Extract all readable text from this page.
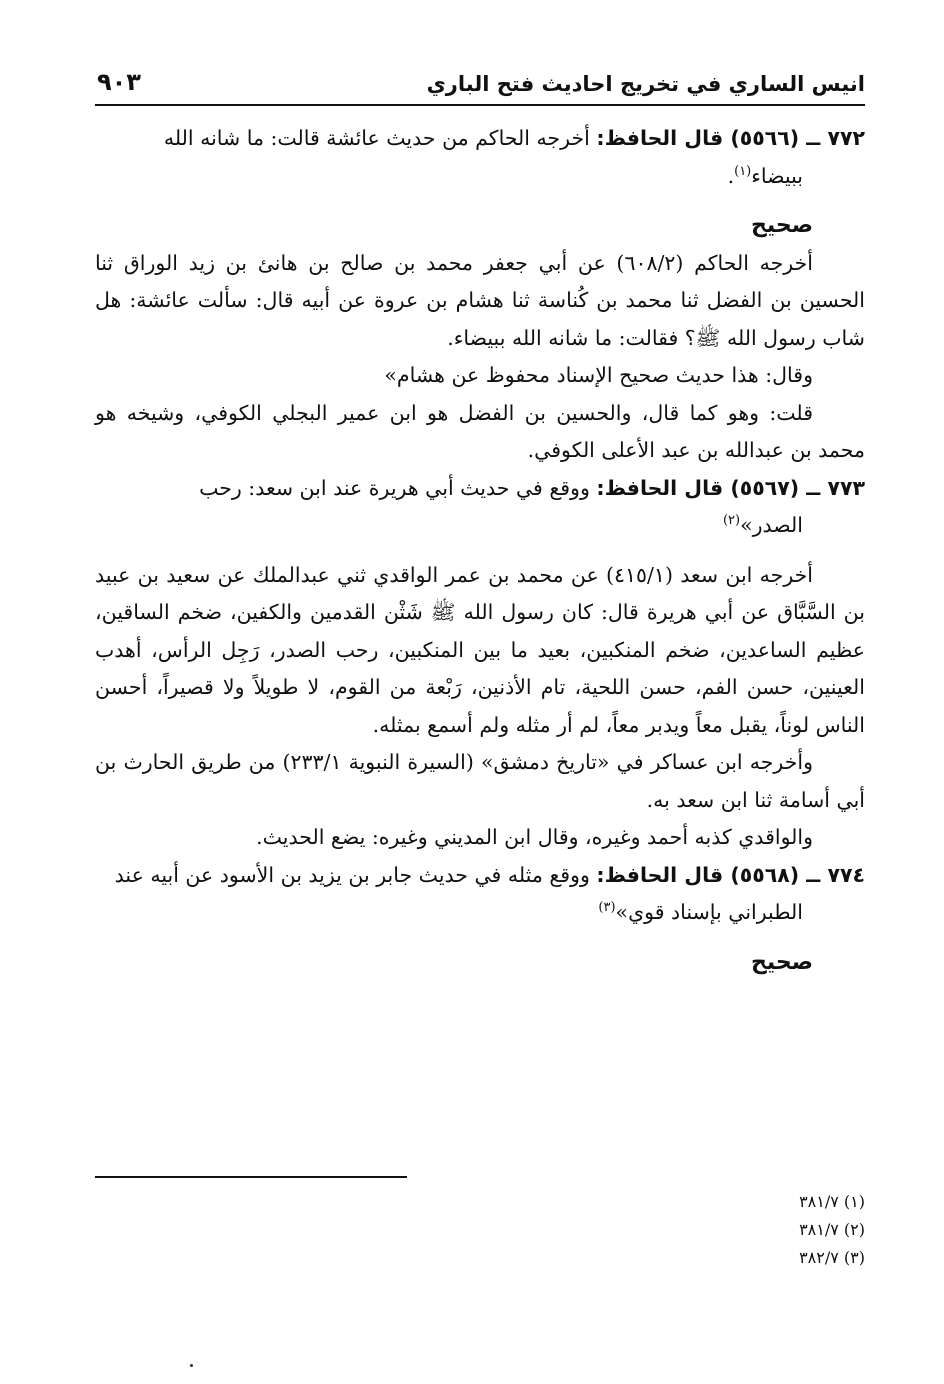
انيس الساري في تخريج احاديث فتح الباري
٩٠٣

٧٧٢ ــ (٥٥٦٦) قال الحافظ: أخرجه الحاكم من حديث عائشة قالت: ما شانه الله
ببيضاء$^{(١)}$.

صحيح

أخرجه الحاكم (٦٠٨/٢) عن أبي جعفر محمد بن صالح بن هانئ بن زيد الوراق ثنا الحسين بن الفضل ثنا محمد بن كُناسة ثنا هشام بن عروة عن أبيه قال: سألت عائشة: هل شاب رسول الله ﷺ؟ فقالت: ما شانه الله ببيضاء.

وقال: هذا حديث صحيح الإسناد محفوظ عن هشام»

قلت: وهو كما قال، والحسين بن الفضل هو ابن عمير البجلي الكوفي، وشيخه هو محمد بن عبدالله بن عبد الأعلى الكوفي.

٧٧٣ ــ (٥٥٦٧) قال الحافظ: ووقع في حديث أبي هريرة عند ابن سعد: رحب
الصدر»$^{(٢)}$

أخرجه ابن سعد (٤١٥/١) عن محمد بن عمر الواقدي ثني عبدالملك عن سعيد بن عبيد بن السَّبَّاق عن أبي هريرة قال: كان رسول الله ﷺ شَثْن القدمين والكفين، ضخم الساقين، عظيم الساعدين، ضخم المنكبين، بعيد ما بين المنكبين، رحب الصدر، رَجِل الرأس، أهدب العينين، حسن الفم، حسن اللحية، تام الأذنين، رَبْعة من القوم، لا طويلاً ولا قصيراً، أحسن الناس لوناً، يقبل معاً ويدبر معاً، لم أر مثله ولم أسمع بمثله.

وأخرجه ابن عساكر في «تاريخ دمشق» (السيرة النبوية ٢٣٣/١) من طريق الحارث بن أبي أسامة ثنا ابن سعد به.

والواقدي كذبه أحمد وغيره، وقال ابن المديني وغيره: يضع الحديث.

٧٧٤ ــ (٥٥٦٨) قال الحافظ: ووقع مثله في حديث جابر بن يزيد بن الأسود عن أبيه عند
الطبراني بإسناد قوي»$^{(٣)}$

صحيح

(١) ٣٨١/٧
(٢) ٣٨١/٧
(٣) ٣٨٢/٧
